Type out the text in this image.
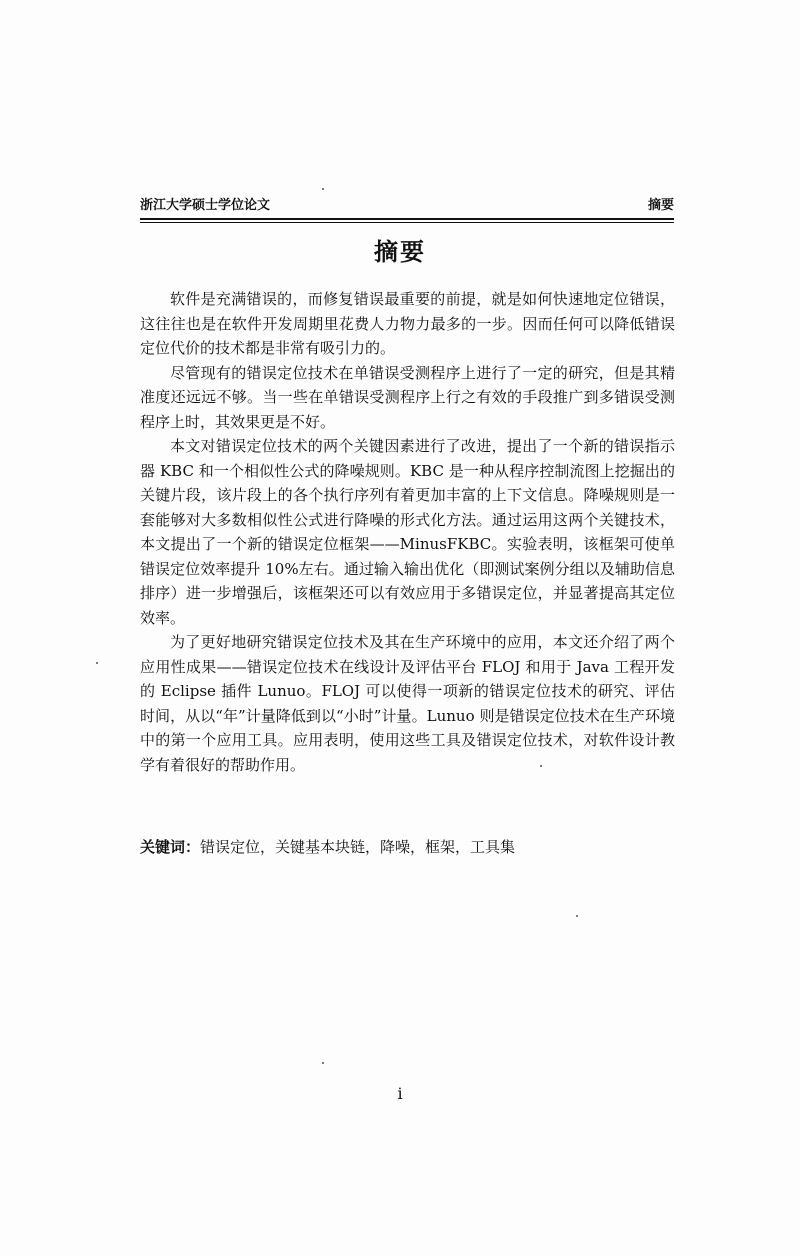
浙江大学硕士学位论文	摘要
摘要

软件是充满错误的，而修复错误最重要的前提，就是如何快速地定位错误，这往往也是在软件开发周期里花费人力物力最多的一步。因而任何可以降低错误定位代价的技术都是非常有吸引力的。

尽管现有的错误定位技术在单错误受测程序上进行了一定的研究，但是其精准度还远远不够。当一些在单错误受测程序上行之有效的手段推广到多错误受测程序上时，其效果更是不好。

本文对错误定位技术的两个关键因素进行了改进，提出了一个新的错误指示器 KBC 和一个相似性公式的降噪规则。KBC 是一种从程序控制流图上挖掘出的关键片段，该片段上的各个执行序列有着更加丰富的上下文信息。降噪规则是一套能够对大多数相似性公式进行降噪的形式化方法。通过运用这两个关键技术，本文提出了一个新的错误定位框架——MinusFKBC。实验表明，该框架可使单错误定位效率提升 10%左右。通过输入输出优化（即测试案例分组以及辅助信息排序）进一步增强后，该框架还可以有效应用于多错误定位，并显著提高其定位效率。

为了更好地研究错误定位技术及其在生产环境中的应用，本文还介绍了两个应用性成果——错误定位技术在线设计及评估平台 FLOJ 和用于 Java 工程开发的 Eclipse 插件 Lunuo。FLOJ 可以使得一项新的错误定位技术的研究、评估时间，从以“年”计量降低到以“小时”计量。Lunuo 则是错误定位技术在生产环境中的第一个应用工具。应用表明，使用这些工具及错误定位技术，对软件设计教学有着很好的帮助作用。

关键词：错误定位，关键基本块链，降噪，框架，工具集
i
